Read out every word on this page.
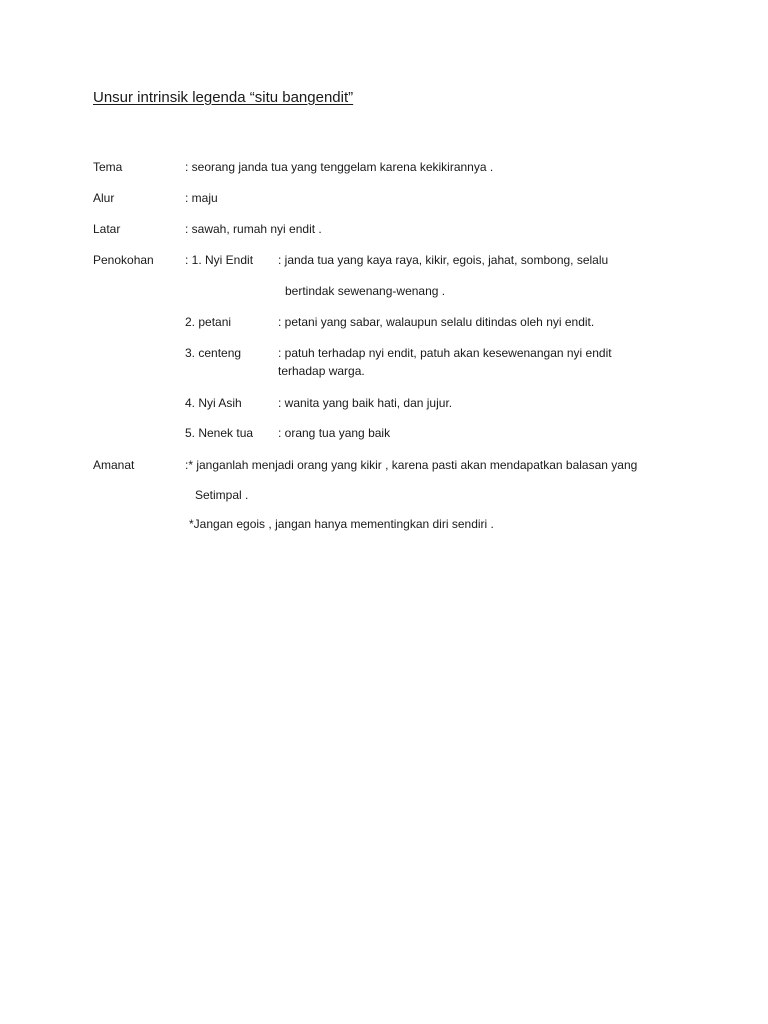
Unsur intrinsik legenda “situ bangendit”
Tema	: seorang janda tua yang tenggelam karena kekikirannya .
Alur	: maju
Latar	: sawah, rumah nyi endit .
Penokohan	: 1. Nyi Endit : janda tua yang kaya raya, kikir, egois, jahat, sombong, selalu
bertindak sewenang-wenang .
2. petani	: petani yang sabar, walaupun selalu ditindas oleh nyi endit.
3. centeng	: patuh terhadap nyi endit, patuh akan kesewenangan nyi endit
terhadap warga.
4. Nyi Asih	: wanita yang baik hati, dan jujur.
5. Nenek tua : orang tua yang baik
Amanat	:* janganlah menjadi orang yang kikir , karena pasti akan mendapatkan balasan yang
Setimpal .
*Jangan egois , jangan hanya mementingkan diri sendiri .
